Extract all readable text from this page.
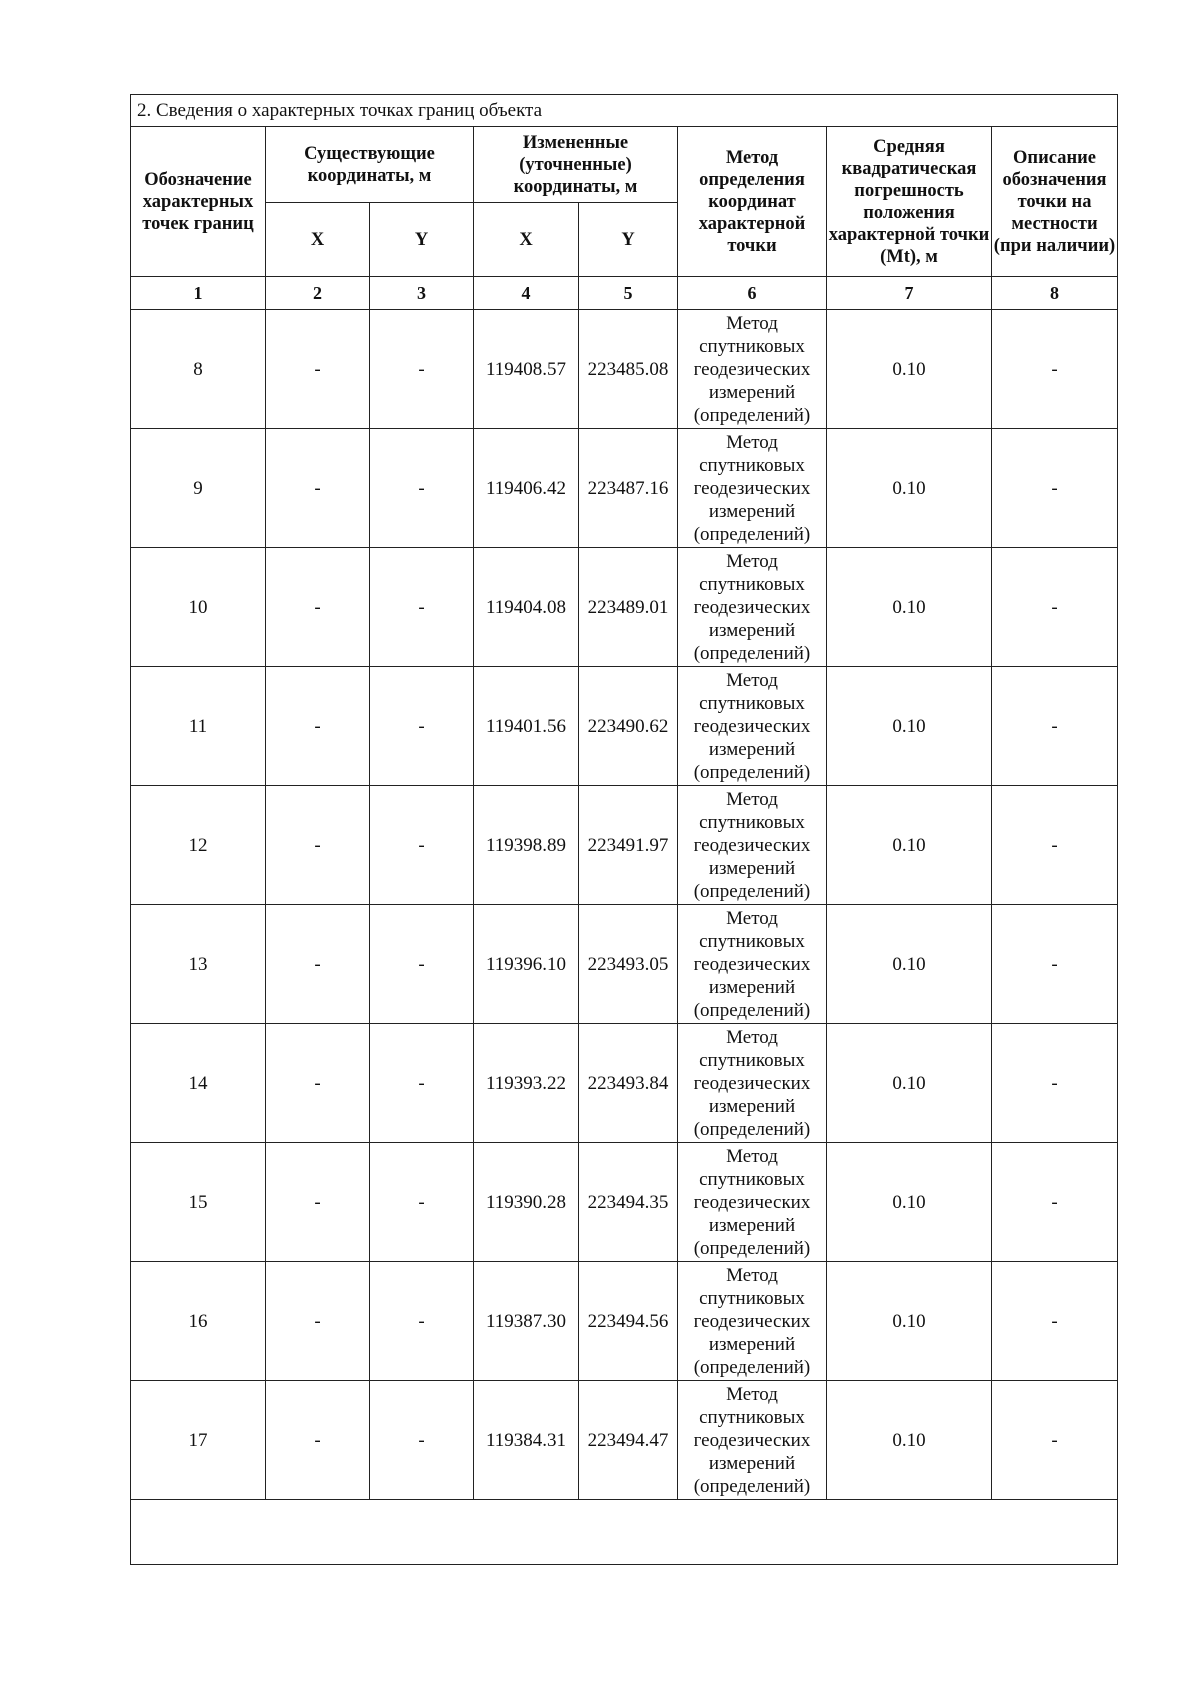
2. Сведения о характерных точках границ объекта							
Обозначение характерных точек границ	Существующие координаты, м		Измененные (уточненные) координаты, м		Метод определения координат характерной точки	Средняя квадратическая погрешность положения характерной точки (Mt), м	Описание обозначения точки на местности (при наличии)
	X	Y	X	Y			
1	2	3	4	5	6	7	8
8	-	-	119408.57	223485.08	Метод спутниковых геодезических измерений (определений)	0.10	-
9	-	-	119406.42	223487.16	Метод спутниковых геодезических измерений (определений)	0.10	-
10	-	-	119404.08	223489.01	Метод спутниковых геодезических измерений (определений)	0.10	-
11	-	-	119401.56	223490.62	Метод спутниковых геодезических измерений (определений)	0.10	-
12	-	-	119398.89	223491.97	Метод спутниковых геодезических измерений (определений)	0.10	-
13	-	-	119396.10	223493.05	Метод спутниковых геодезических измерений (определений)	0.10	-
14	-	-	119393.22	223493.84	Метод спутниковых геодезических измерений (определений)	0.10	-
15	-	-	119390.28	223494.35	Метод спутниковых геодезических измерений (определений)	0.10	-
16	-	-	119387.30	223494.56	Метод спутниковых геодезических измерений (определений)	0.10	-
17	-	-	119384.31	223494.47	Метод спутниковых геодезических измерений (определений)	0.10	-
